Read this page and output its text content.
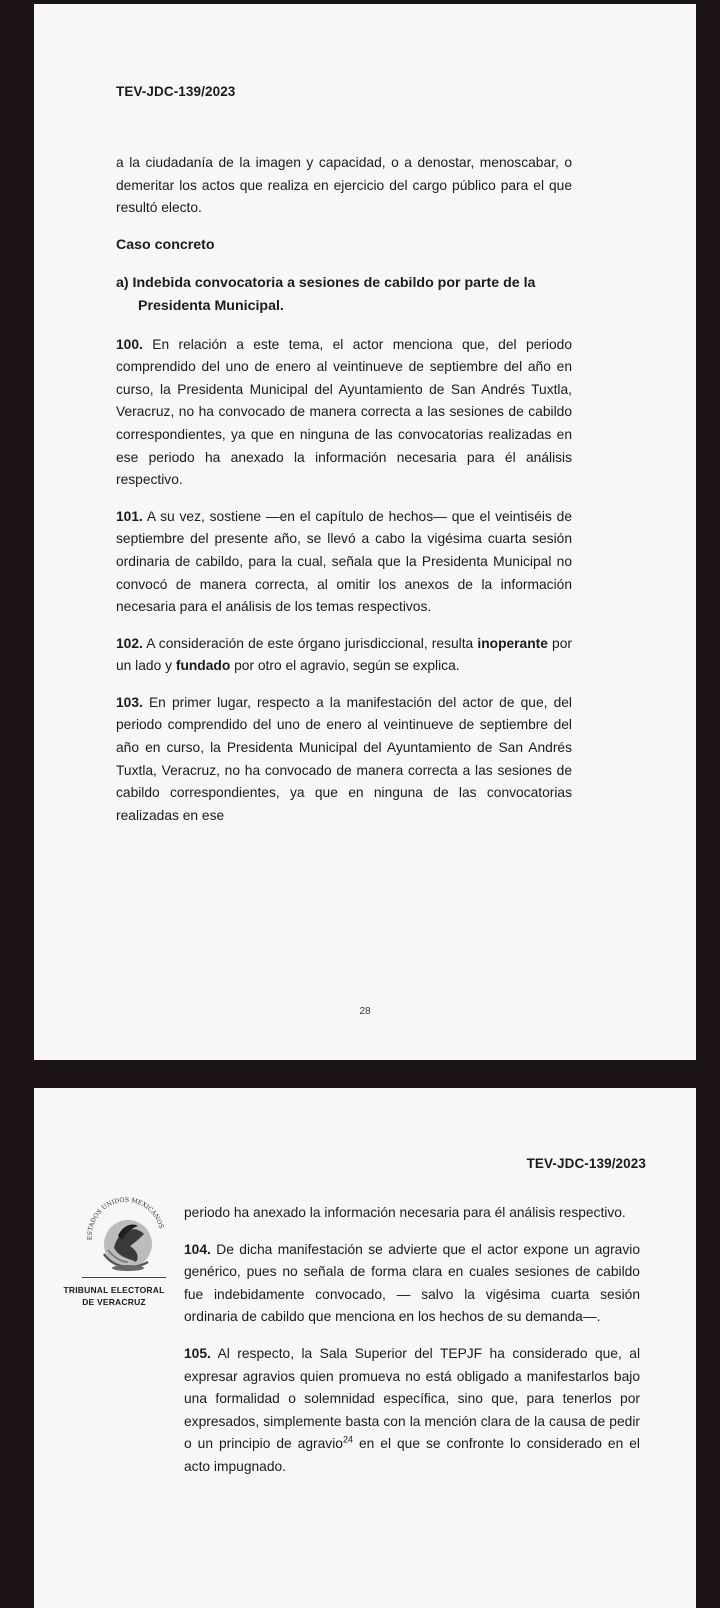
TEV-JDC-139/2023

a la ciudadanía de la imagen y capacidad, o a denostar, menoscabar, o demeritar los actos que realiza en ejercicio del cargo público para el que resultó electo.

Caso concreto

a) Indebida convocatoria a sesiones de cabildo por parte de la Presidenta Municipal.

100. En relación a este tema, el actor menciona que, del periodo comprendido del uno de enero al veintinueve de septiembre del año en curso, la Presidenta Municipal del Ayuntamiento de San Andrés Tuxtla, Veracruz, no ha convocado de manera correcta a las sesiones de cabildo correspondientes, ya que en ninguna de las convocatorias realizadas en ese periodo ha anexado la información necesaria para él análisis respectivo.

101. A su vez, sostiene —en el capítulo de hechos— que el veintiséis de septiembre del presente año, se llevó a cabo la vigésima cuarta sesión ordinaria de cabildo, para la cual, señala que la Presidenta Municipal no convocó de manera correcta, al omitir los anexos de la información necesaria para el análisis de los temas respectivos.

102. A consideración de este órgano jurisdiccional, resulta inoperante por un lado y fundado por otro el agravio, según se explica.

103. En primer lugar, respecto a la manifestación del actor de que, del periodo comprendido del uno de enero al veintinueve de septiembre del año en curso, la Presidenta Municipal del Ayuntamiento de San Andrés Tuxtla, Veracruz, no ha convocado de manera correcta a las sesiones de cabildo correspondientes, ya que en ninguna de las convocatorias realizadas en ese

28
TEV-JDC-139/2023
ESTADOS UNIDOS MEXICANOS
TRIBUNAL ELECTORAL
DE VERACRUZ

periodo ha anexado la información necesaria para él análisis respectivo.

104. De dicha manifestación se advierte que el actor expone un agravio genérico, pues no señala de forma clara en cuales sesiones de cabildo fue indebidamente convocado, — salvo la vigésima cuarta sesión ordinaria de cabildo que menciona en los hechos de su demanda—.

105. Al respecto, la Sala Superior del TEPJF ha considerado que, al expresar agravios quien promueva no está obligado a manifestarlos bajo una formalidad o solemnidad específica, sino que, para tenerlos por expresados, simplemente basta con la mención clara de la causa de pedir o un principio de agravio$^{24}$ en el que se confronte lo considerado en el acto impugnado.
